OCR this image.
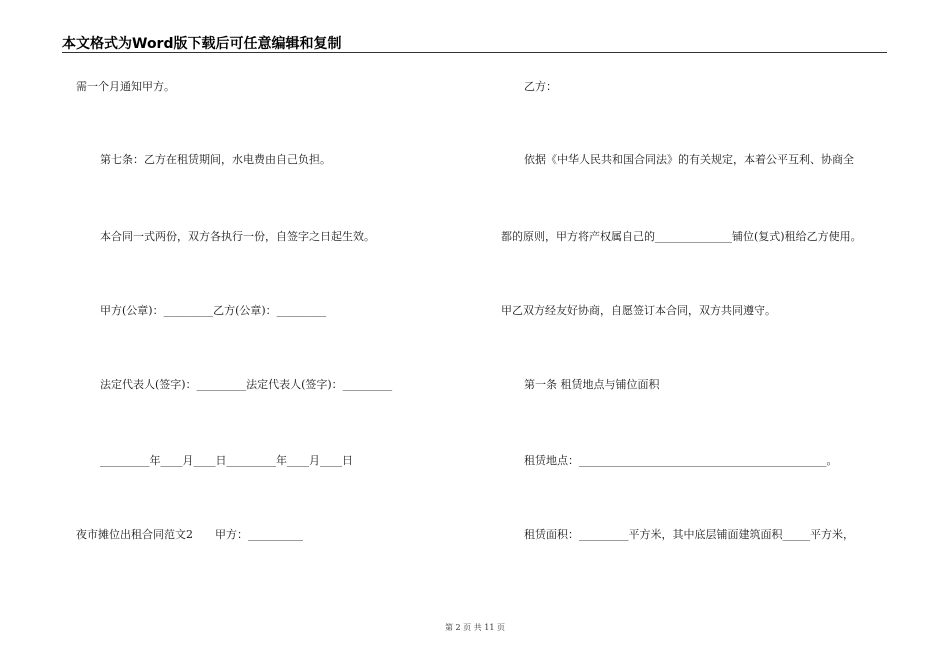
本文格式为Word版下载后可任意编辑和复制
需一个月通知甲方。
第七条：乙方在租赁期间，水电费由自己负担。
本合同一式两份，双方各执行一份，自签字之日起生效。
甲方(公章)：_________乙方(公章)：_________
法定代表人(签字)：_________法定代表人(签字)：_________
_________年____月____日_________年____月____日
夜市摊位出租合同范文2　　甲方：__________
乙方：
依据《中华人民共和国合同法》的有关规定，本着公平互利、协商全
都的原则，甲方将产权属自己的______________铺位(复式)租给乙方使用。
甲乙双方经友好协商，自愿签订本合同，双方共同遵守。
第一条 租赁地点与铺位面积
租赁地点：_____________________________________________。
租赁面积：_________平方米，其中底层铺面建筑面积_____平方米，
第 2 页 共 11 页
